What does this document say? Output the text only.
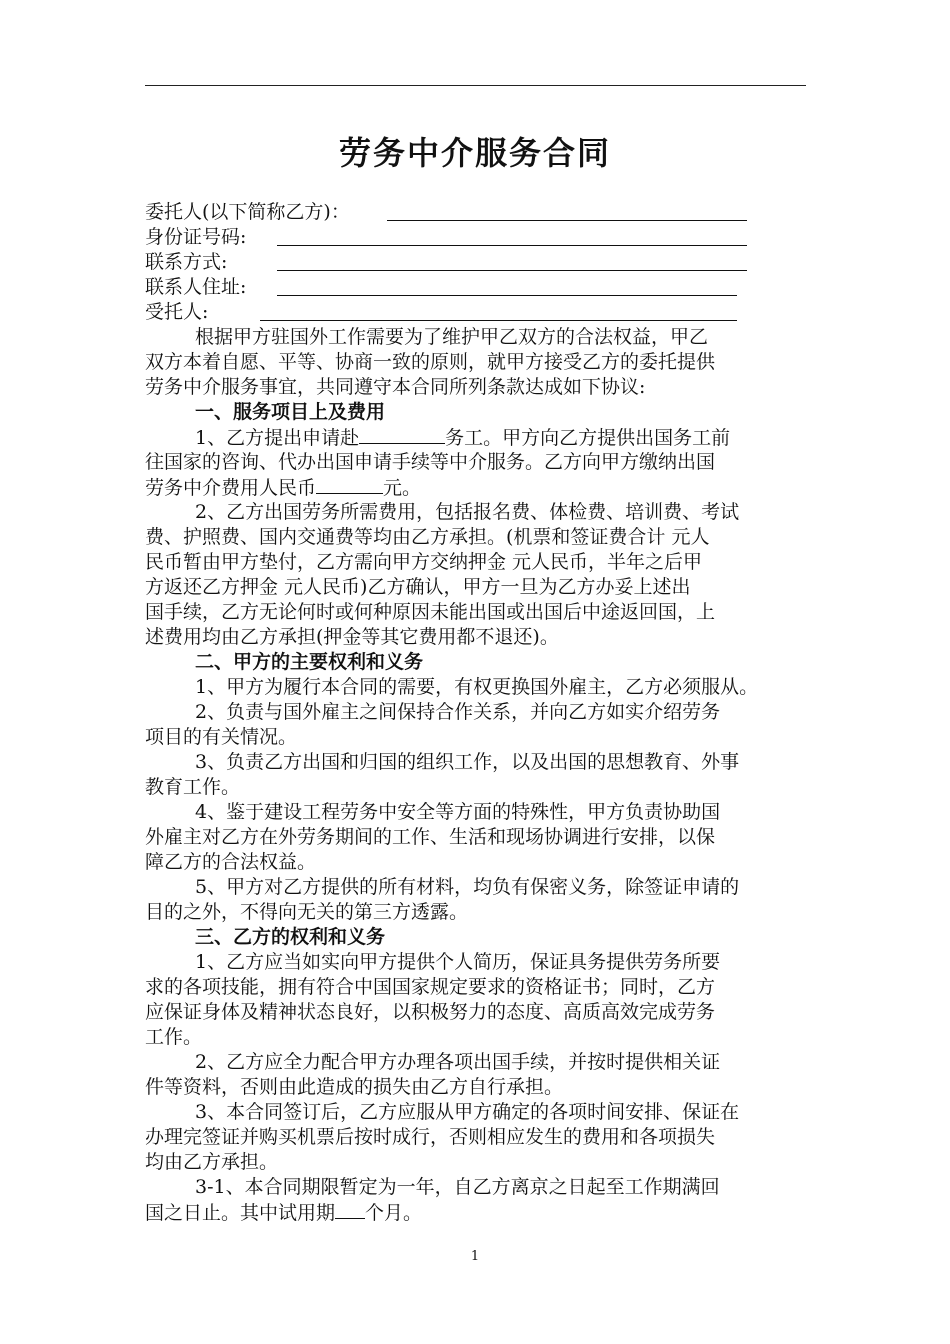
劳务中介服务合同
委托人(以下简称乙方)：
身份证号码:
联系方式:
联系人住址:
受托人:
根据甲方驻国外工作需要为了维护甲乙双方的合法权益，甲乙
双方本着自愿、平等、协商一致的原则，就甲方接受乙方的委托提供
劳务中介服务事宜，共同遵守本合同所列条款达成如下协议:
一、服务项目上及费用
1、乙方提出申请赴	务工。甲方向乙方提供出国务工前
往国家的咨询、代办出国申请手续等中介服务。乙方向甲方缴纳出国
劳务中介费用人民币	元。
2、乙方出国劳务所需费用，包括报名费、体检费、培训费、考试
费、护照费、国内交通费等均由乙方承担。(机票和签证费合计 元人
民币暂由甲方垫付，乙方需向甲方交纳押金 元人民币，半年之后甲
方返还乙方押金 元人民币)乙方确认，甲方一旦为乙方办妥上述出
国手续，乙方无论何时或何种原因未能出国或出国后中途返回国，上
述费用均由乙方承担(押金等其它费用都不退还)。
二、甲方的主要权利和义务
1、甲方为履行本合同的需要，有权更换国外雇主，乙方必须服从。
2、负责与国外雇主之间保持合作关系，并向乙方如实介绍劳务
项目的有关情况。
3、负责乙方出国和归国的组织工作，以及出国的思想教育、外事
教育工作。
4、鉴于建设工程劳务中安全等方面的特殊性，甲方负责协助国
外雇主对乙方在外劳务期间的工作、生活和现场协调进行安排，以保
障乙方的合法权益。
5、甲方对乙方提供的所有材料，均负有保密义务，除签证申请的
目的之外，不得向无关的第三方透露。
三、乙方的权利和义务
1、乙方应当如实向甲方提供个人简历，保证具务提供劳务所要
求的各项技能，拥有符合中国国家规定要求的资格证书；同时，乙方
应保证身体及精神状态良好，以积极努力的态度、高质高效完成劳务
工作。
2、乙方应全力配合甲方办理各项出国手续，并按时提供相关证
件等资料，否则由此造成的损失由乙方自行承担。
3、本合同签订后，乙方应服从甲方确定的各项时间安排、保证在
办理完签证并购买机票后按时成行，否则相应发生的费用和各项损失
均由乙方承担。
3-1、本合同期限暂定为一年，自乙方离京之日起至工作期满回
国之日止。其中试用期 个月。
1
